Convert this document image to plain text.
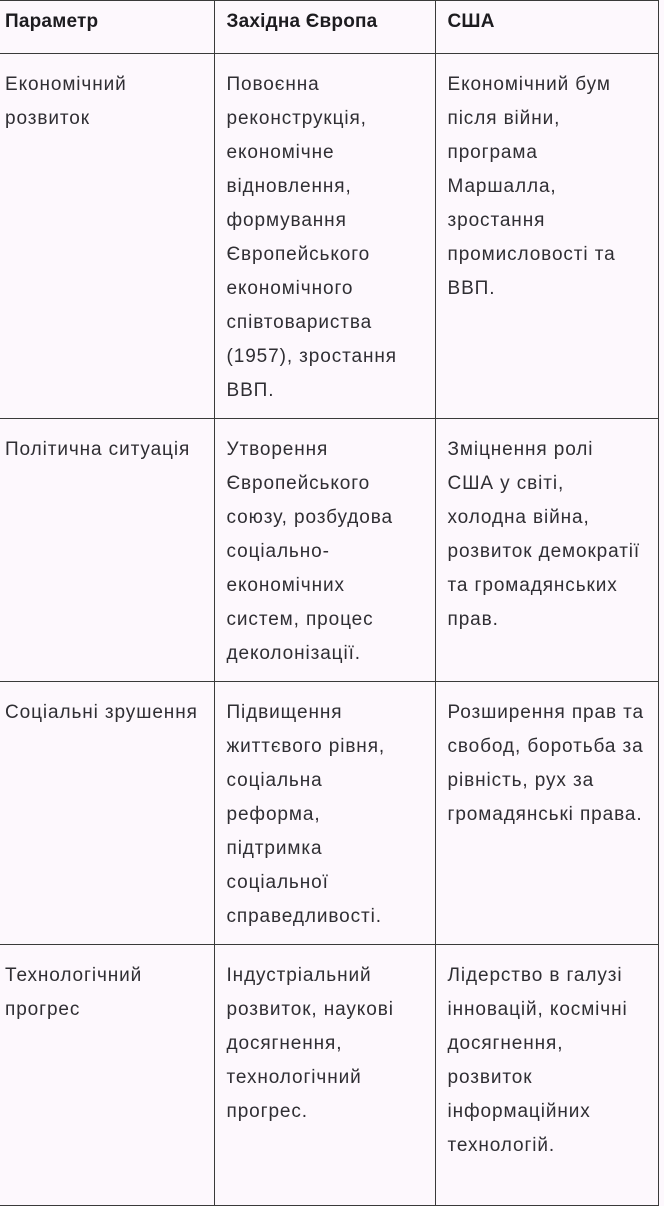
Параметр	Західна Європа	США
Економічний розвиток	Повоєнна реконструкція, економічне відновлення, формування Європейського економічного співтовариства (1957), зростання ВВП.	Економічний бум після війни, програма Маршалла, зростання промисловості та ВВП.
Політична ситуація	Утворення Європейського союзу, розбудова соціально-економічних систем, процес деколонізації.	Зміцнення ролі США у світі, холодна війна, розвиток демократії та громадянських прав.
Соціальні зрушення	Підвищення життєвого рівня, соціальна реформа, підтримка соціальної справедливості.	Розширення прав та свобод, боротьба за рівність, рух за громадянські права.
Технологічний прогрес	Індустріальний розвиток, наукові досягнення, технологічний прогрес.	Лідерство в галузі інновацій, космічні досягнення, розвиток інформаційних технологій.
